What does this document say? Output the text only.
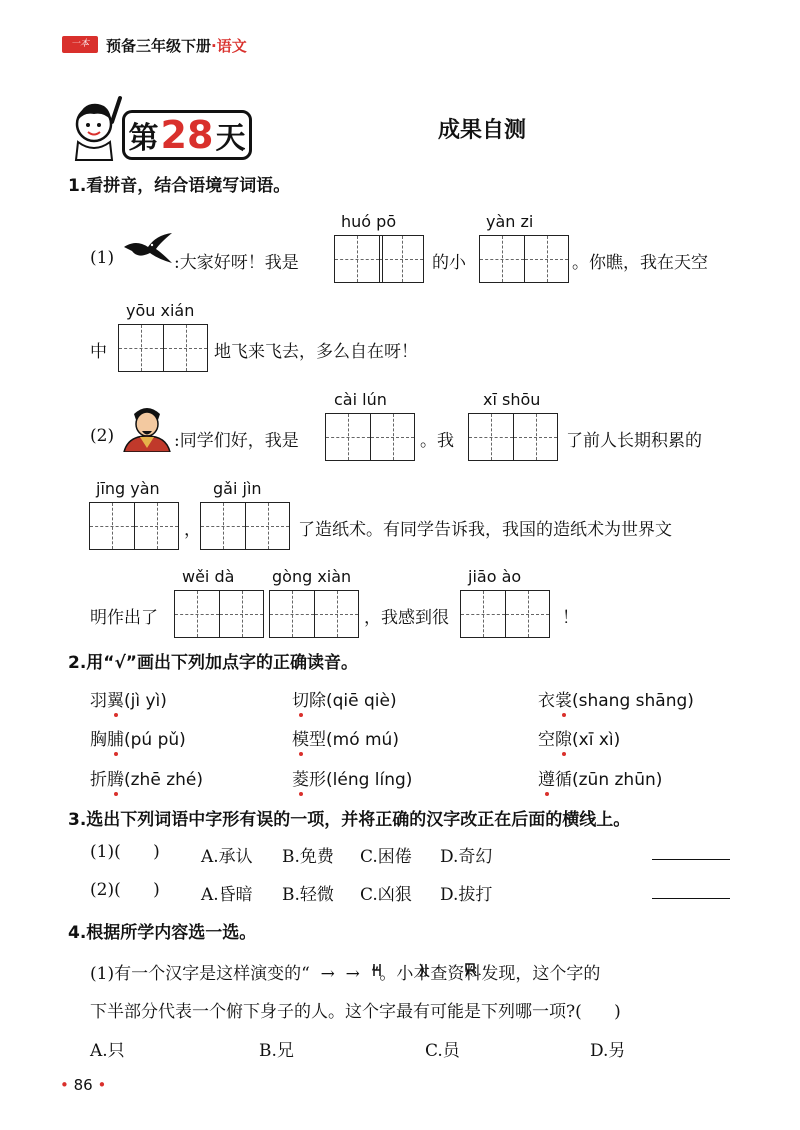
一本	预备三年级下册·语文
第 28 天	成果自测
1.看拼音，结合语境写词语。
(1)	:大家好呀！我是
huó pō
的小
yàn zi
。你瞧，我在天空
中
yōu xián
地飞来飞去，多么自在呀！
(2)	:同学们好，我是
cài lún
。我
xī shōu
了前人长期积累的
jīng yàn
，
gǎi jìn
了造纸术。有同学告诉我，我国的造纸术为世界文
明作出了
wěi dà gòng xiàn
，我感到很
jiāo ào
！
2.用“√”画出下列加点字的正确读音。
羽翼(jì yì)	切除(qiē qiè)	衣裳(shang shāng)
胸脯(pú pǔ)	模型(mó mú)	空隙(xī xì)
折腾(zhē zhé)	菱形(léng líng)	遵循(zūn zhūn)
3.选出下列词语中字形有误的一项，并将正确的汉字改正在后面的横线上。
(1)(      ) A.承认 B.免费 C.困倦 D.奇幻
(2)(      ) A.昏暗 B.轻微 C.凶狠 D.拔打
4.根据所学内容选一选。
(1)有一个汉字是这样演变的“  →  →  ”。小本查资料发现，这个字的
下半部分代表一个俯下身子的人。这个字最有可能是下列哪一项?(      )
A.只	B.兄	C.员	D.另
• 86 •
